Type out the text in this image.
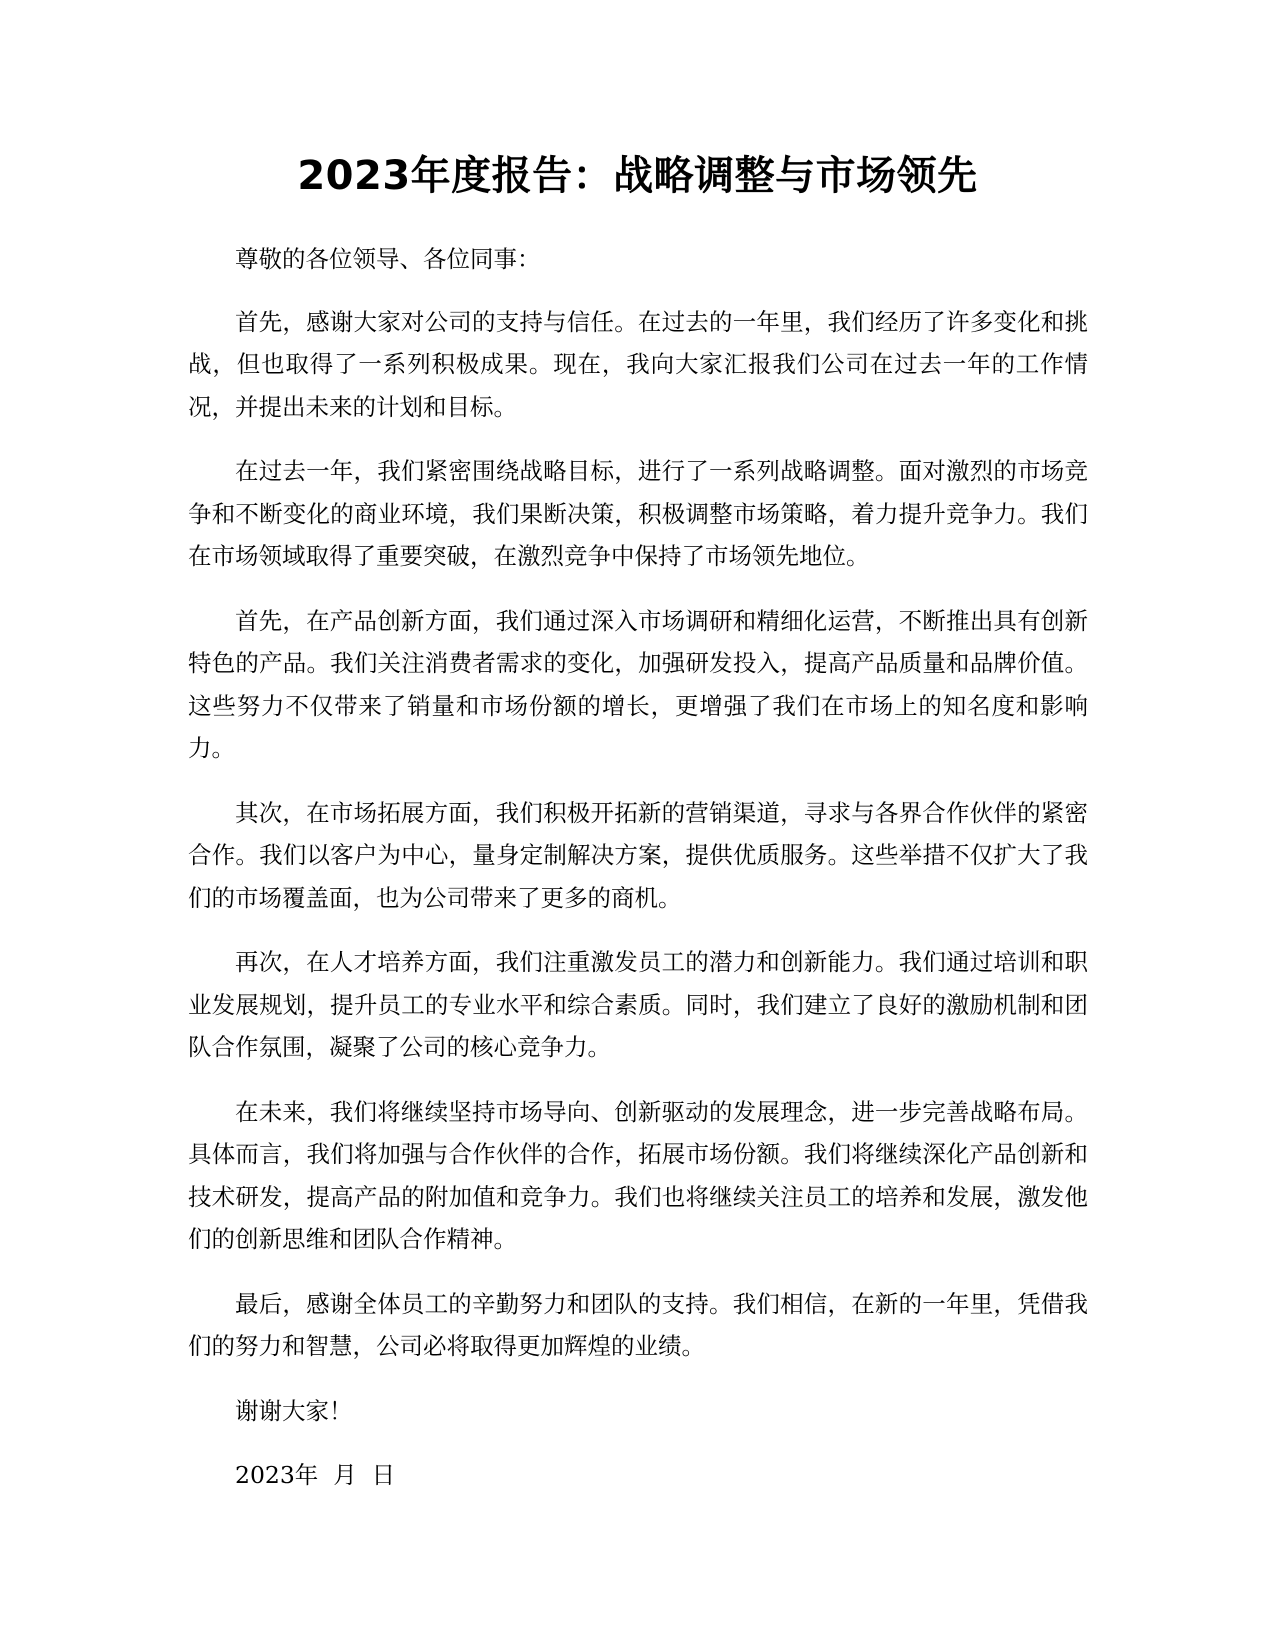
2023年度报告：战略调整与市场领先

尊敬的各位领导、各位同事：

首先，感谢大家对公司的支持与信任。在过去的一年里，我们经历了许多变化和挑战，但也取得了一系列积极成果。现在，我向大家汇报我们公司在过去一年的工作情况，并提出未来的计划和目标。

在过去一年，我们紧密围绕战略目标，进行了一系列战略调整。面对激烈的市场竞争和不断变化的商业环境，我们果断决策，积极调整市场策略，着力提升竞争力。我们在市场领域取得了重要突破，在激烈竞争中保持了市场领先地位。

首先，在产品创新方面，我们通过深入市场调研和精细化运营，不断推出具有创新特色的产品。我们关注消费者需求的变化，加强研发投入，提高产品质量和品牌价值。这些努力不仅带来了销量和市场份额的增长，更增强了我们在市场上的知名度和影响力。

其次，在市场拓展方面，我们积极开拓新的营销渠道，寻求与各界合作伙伴的紧密合作。我们以客户为中心，量身定制解决方案，提供优质服务。这些举措不仅扩大了我们的市场覆盖面，也为公司带来了更多的商机。

再次，在人才培养方面，我们注重激发员工的潜力和创新能力。我们通过培训和职业发展规划，提升员工的专业水平和综合素质。同时，我们建立了良好的激励机制和团队合作氛围，凝聚了公司的核心竞争力。

在未来，我们将继续坚持市场导向、创新驱动的发展理念，进一步完善战略布局。具体而言，我们将加强与合作伙伴的合作，拓展市场份额。我们将继续深化产品创新和技术研发，提高产品的附加值和竞争力。我们也将继续关注员工的培养和发展，激发他们的创新思维和团队合作精神。

最后，感谢全体员工的辛勤努力和团队的支持。我们相信，在新的一年里，凭借我们的努力和智慧，公司必将取得更加辉煌的业绩。

谢谢大家！

2023年  月  日
